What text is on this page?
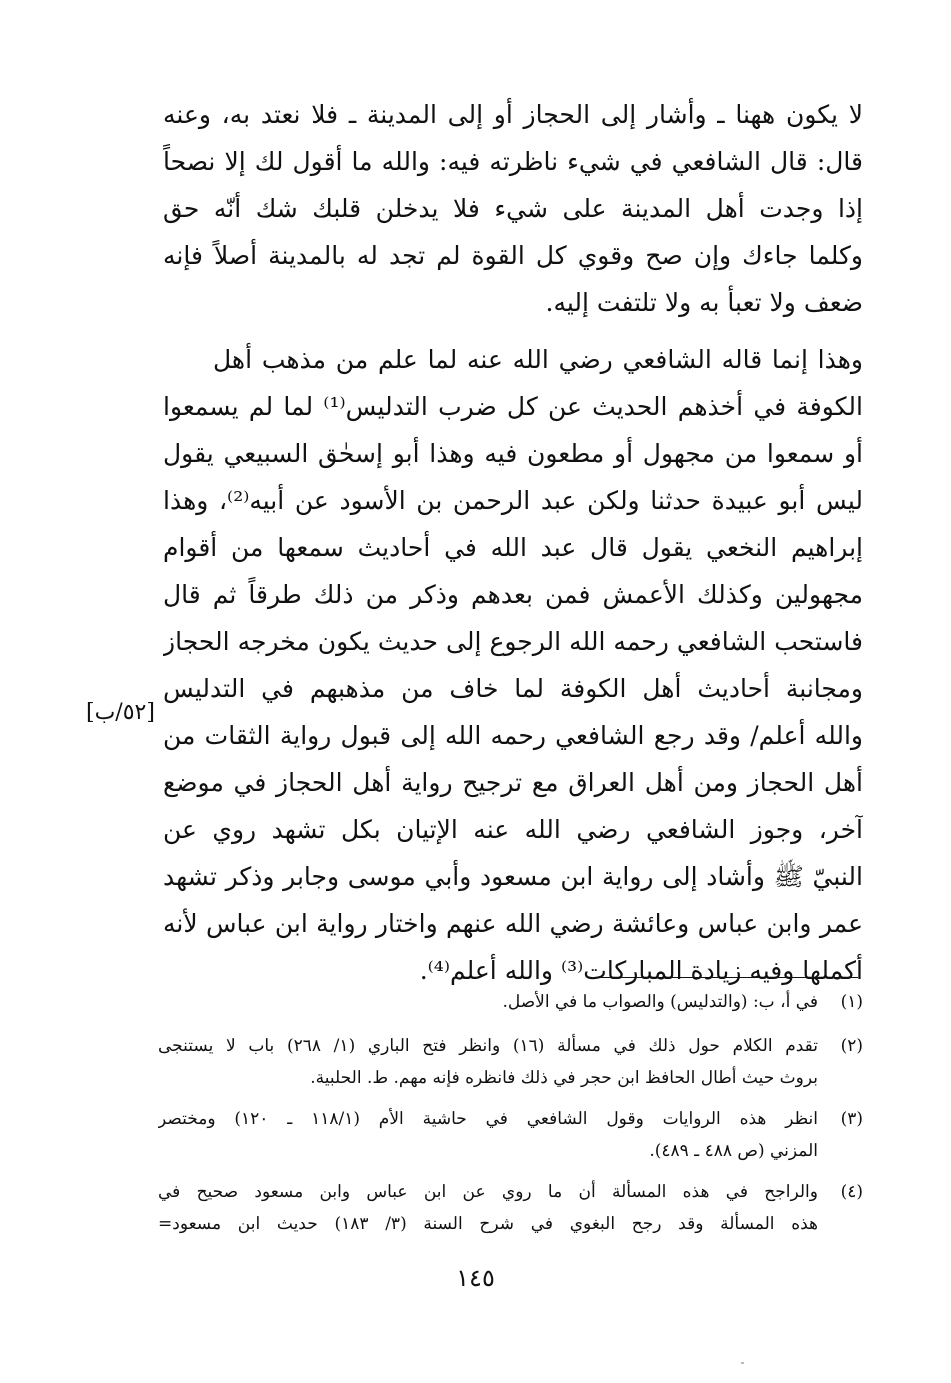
لا يكون ههنا ـ وأشار إلى الحجاز أو إلى المدينة ـ فلا نعتد به، وعنه
قال: قال الشافعي في شيء ناظرته فيه: والله ما أقول لك إلا نصحاً
إذا وجدت أهل المدينة على شيء فلا يدخلن قلبك شك أنّه حق
وكلما جاءك وإن صح وقوي كل القوة لم تجد له بالمدينة أصلاً فإنه
ضعف ولا تعبأ به ولا تلتفت إليه.
وهذا إنما قاله الشافعي رضي الله عنه لما علم من مذهب أهل
الكوفة في أخذهم الحديث عن كل ضرب التدليس⁽¹⁾ لما لم يسمعوا
أو سمعوا من مجهول أو مطعون فيه وهذا أبو إسحٰق السبيعي يقول
ليس أبو عبيدة حدثنا ولكن عبد الرحمن بن الأسود عن أبيه⁽²⁾، وهذا
إبراهيم النخعي يقول قال عبد الله في أحاديث سمعها من أقوام
مجهولين وكذلك الأعمش فمن بعدهم وذكر من ذلك طرقاً ثم قال
فاستحب الشافعي رحمه الله الرجوع إلى حديث يكون مخرجه الحجاز
ومجانبة أحاديث أهل الكوفة لما خاف من مذهبهم في التدليس
والله أعلم/ وقد رجع الشافعي رحمه الله إلى قبول رواية الثقات من
أهل الحجاز ومن أهل العراق مع ترجيح رواية أهل الحجاز في موضع
آخر، وجوز الشافعي رضي الله عنه الإتيان بكل تشهد روي عن
النبيّ ﷺ وأشاد إلى رواية ابن مسعود وأبي موسى وجابر وذكر تشهد
عمر وابن عباس وعائشة رضي الله عنهم واختار رواية ابن عباس لأنه
أكملها وفيه زيادة المباركات⁽³⁾ والله أعلم⁽⁴⁾.
[٥٢/ب]
(١)
في أ، ب: (والتدليس) والصواب ما في الأصل.
(٢)
تقدم الكلام حول ذلك في مسألة (١٦) وانظر فتح الباري (١/ ٢٦٨) باب لا يستنجى
بروث حيث أطال الحافظ ابن حجر في ذلك فانظره فإنه مهم. ط. الحلبية.
(٣)
انظر هذه الروايات وقول الشافعي في حاشية الأم (١١٨/١ ـ ١٢٠) ومختصر
المزني (ص ٤٨٨ ـ ٤٨٩).
(٤)
والراجح في هذه المسألة أن ما روي عن ابن عباس وابن مسعود صحيح في
هذه المسألة وقد رجح البغوي في شرح السنة (٣/ ١٨٣) حديث ابن مسعود=
١٤٥
